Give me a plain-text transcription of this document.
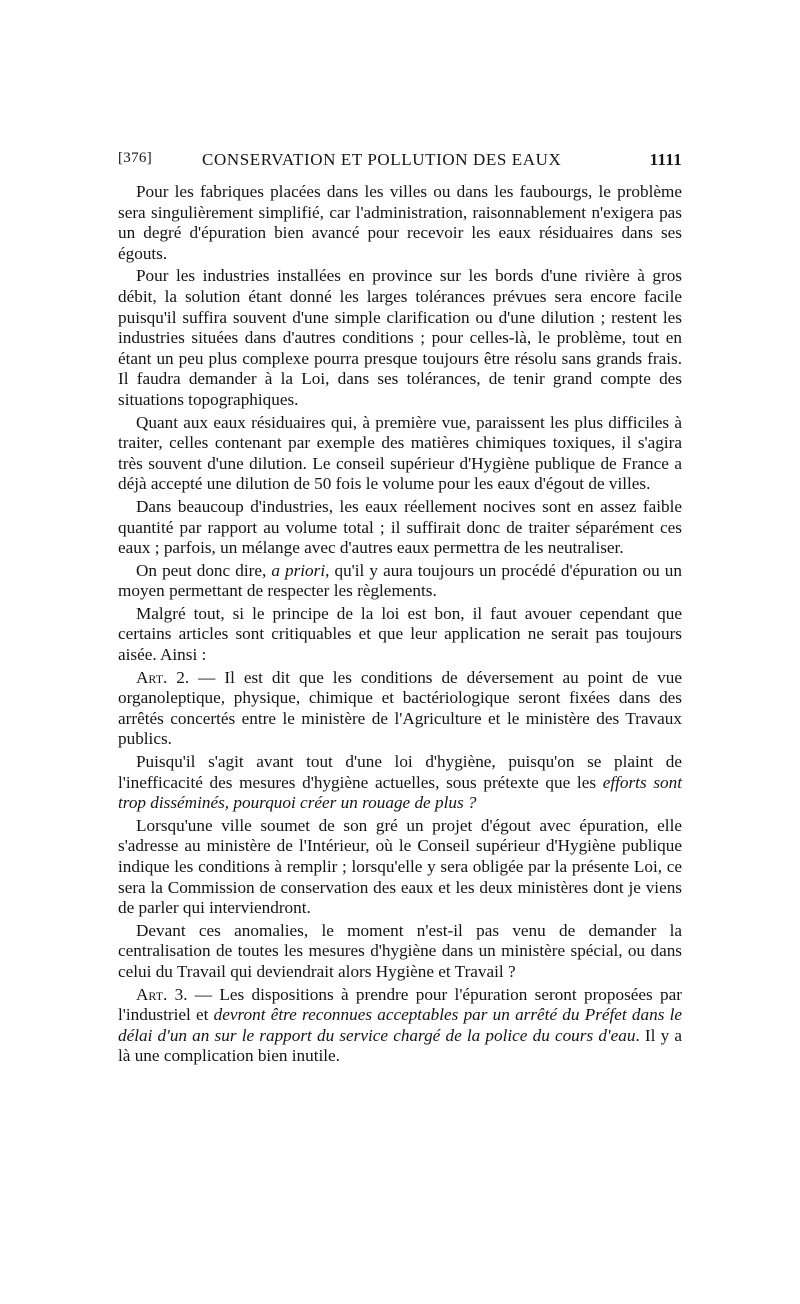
[376]	CONSERVATION ET POLLUTION DES EAUX	1111

Pour les fabriques placées dans les villes ou dans les faubourgs, le problème sera singulièrement simplifié, car l'administration, raisonnablement n'exigera pas un degré d'épuration bien avancé pour recevoir les eaux résiduaires dans ses égouts.

Pour les industries installées en province sur les bords d'une rivière à gros débit, la solution étant donné les larges tolérances prévues sera encore facile puisqu'il suffira souvent d'une simple clarification ou d'une dilution ; restent les industries situées dans d'autres conditions ; pour celles-là, le problème, tout en étant un peu plus complexe pourra presque toujours être résolu sans grands frais. Il faudra demander à la Loi, dans ses tolérances, de tenir grand compte des situations topographiques.

Quant aux eaux résiduaires qui, à première vue, paraissent les plus difficiles à traiter, celles contenant par exemple des matières chimiques toxiques, il s'agira très souvent d'une dilution. Le conseil supérieur d'Hygiène publique de France a déjà accepté une dilution de 50 fois le volume pour les eaux d'égout de villes.

Dans beaucoup d'industries, les eaux réellement nocives sont en assez faible quantité par rapport au volume total ; il suffirait donc de traiter séparément ces eaux ; parfois, un mélange avec d'autres eaux permettra de les neutraliser.

On peut donc dire, a priori, qu'il y aura toujours un procédé d'épuration ou un moyen permettant de respecter les règlements.

Malgré tout, si le principe de la loi est bon, il faut avouer cependant que certains articles sont critiquables et que leur application ne serait pas toujours aisée. Ainsi :

Art. 2. — Il est dit que les conditions de déversement au point de vue organoleptique, physique, chimique et bactériologique seront fixées dans des arrêtés concertés entre le ministère de l'Agriculture et le ministère des Travaux publics.

Puisqu'il s'agit avant tout d'une loi d'hygiène, puisqu'on se plaint de l'inefficacité des mesures d'hygiène actuelles, sous prétexte que les efforts sont trop disséminés, pourquoi créer un rouage de plus ?

Lorsqu'une ville soumet de son gré un projet d'égout avec épuration, elle s'adresse au ministère de l'Intérieur, où le Conseil supérieur d'Hygiène publique indique les conditions à remplir ; lorsqu'elle y sera obligée par la présente Loi, ce sera la Commission de conservation des eaux et les deux ministères dont je viens de parler qui interviendront.

Devant ces anomalies, le moment n'est-il pas venu de demander la centralisation de toutes les mesures d'hygiène dans un ministère spécial, ou dans celui du Travail qui deviendrait alors Hygiène et Travail ?

Art. 3. — Les dispositions à prendre pour l'épuration seront proposées par l'industriel et devront être reconnues acceptables par un arrêté du Préfet dans le délai d'un an sur le rapport du service chargé de la police du cours d'eau. Il y a là une complication bien inutile.
